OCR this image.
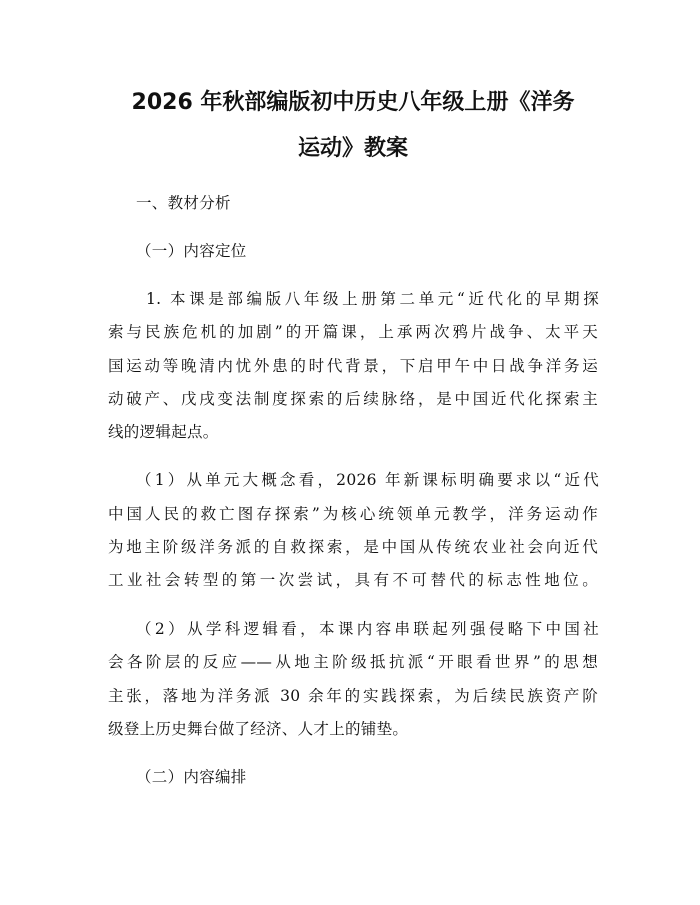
2026 年秋部编版初中历史八年级上册《洋务
运动》教案
一、教材分析
（一）内容定位
1. 本课是部编版八年级上册第二单元“近代化的早期探
索与民族危机的加剧”的开篇课，上承两次鸦片战争、太平天
国运动等晚清内忧外患的时代背景，下启甲午中日战争洋务运
动破产、戊戌变法制度探索的后续脉络，是中国近代化探索主
线的逻辑起点。
（1）从单元大概念看，2026 年新课标明确要求以“近代
中国人民的救亡图存探索”为核心统领单元教学，洋务运动作
为地主阶级洋务派的自救探索，是中国从传统农业社会向近代
工业社会转型的第一次尝试，具有不可替代的标志性地位。
（2）从学科逻辑看，本课内容串联起列强侵略下中国社
会各阶层的反应——从地主阶级抵抗派“开眼看世界”的思想
主张，落地为洋务派 30 余年的实践探索，为后续民族资产阶
级登上历史舞台做了经济、人才上的铺垫。
（二）内容编排
